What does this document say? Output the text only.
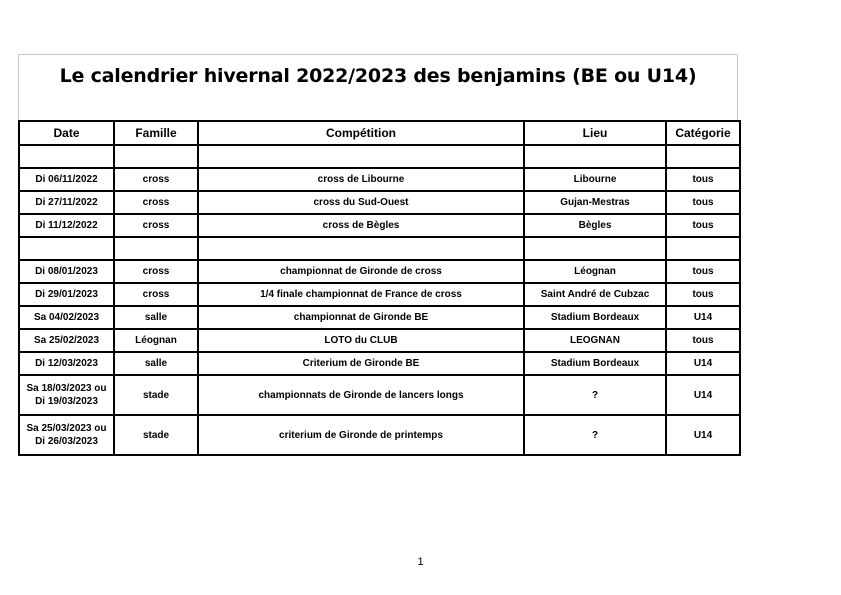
Le calendrier hivernal 2022/2023 des benjamins (BE ou U14)
Date	Famille	Compétition	Lieu	Catégorie

Di 06/11/2022	cross	cross de Libourne	Libourne	tous
Di 27/11/2022	cross	cross du Sud-Ouest	Gujan-Mestras	tous
Di 11/12/2022	cross	cross de Bègles	Bègles	tous

Di 08/01/2023	cross	championnat de Gironde de cross	Léognan	tous
Di 29/01/2023	cross	1/4 finale championnat de France de cross	Saint André de Cubzac	tous
Sa 04/02/2023	salle	championnat de Gironde BE	Stadium Bordeaux	U14
Sa 25/02/2023	Léognan	LOTO du CLUB	LEOGNAN	tous
Di 12/03/2023	salle	Criterium de Gironde BE	Stadium Bordeaux	U14

Sa 18/03/2023 ou
Di 19/03/2023	stade	championnats de Gironde de lancers longs	?	U14

Sa 25/03/2023 ou
Di 26/03/2023	stade	criterium de Gironde de printemps	?	U14
1
